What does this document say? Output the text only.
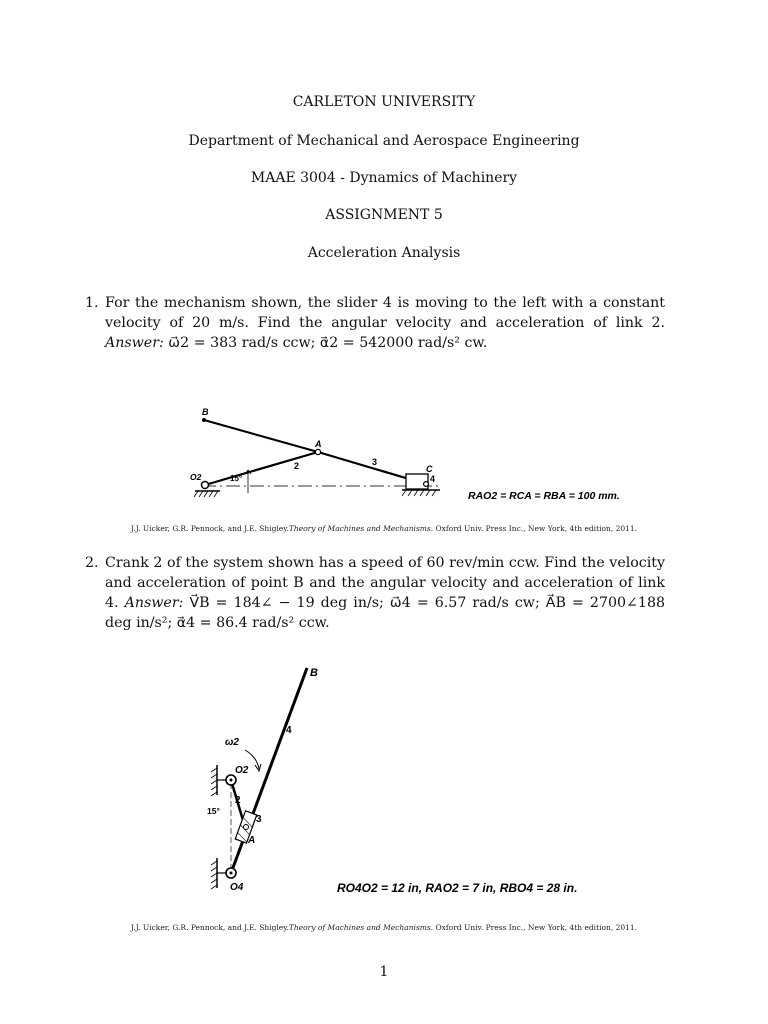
CARLETON UNIVERSITY
Department of Mechanical and Aerospace Engineering
MAAE 3004 - Dynamics of Machinery
ASSIGNMENT 5
Acceleration Analysis
1. For the mechanism shown, the slider 4 is moving to the left with a constant velocity of 20 m/s. Find the angular velocity and acceleration of link 2. Answer: ω⃗2 = 383 rad/s ccw; α⃗2 = 542000 rad/s² cw.
B
A
C
O2
2	3
4
15°
RAO2 = RCA = RBA = 100 mm.
J.J. Uicker, G.R. Pennock, and J.E. Shigley.Theory of Machines and Mechanisms. Oxford Univ. Press Inc., New York, 4th edition, 2011.
2. Crank 2 of the system shown has a speed of 60 rev/min ccw. Find the velocity and acceleration of point B and the angular velocity and acceleration of link 4. Answer: V⃗B = 184∠ − 19 deg in/s; ω⃗4 = 6.57 rad/s cw; A⃗B = 2700∠188 deg in/s²; α⃗4 = 86.4 rad/s² ccw.
B
4
ω2
O2
2
15°
3
A
O4	RO4O2 = 12 in, RAO2 = 7 in, RBO4 = 28 in.
J.J. Uicker, G.R. Pennock, and J.E. Shigley.Theory of Machines and Mechanisms. Oxford Univ. Press Inc., New York, 4th edition, 2011.
1
